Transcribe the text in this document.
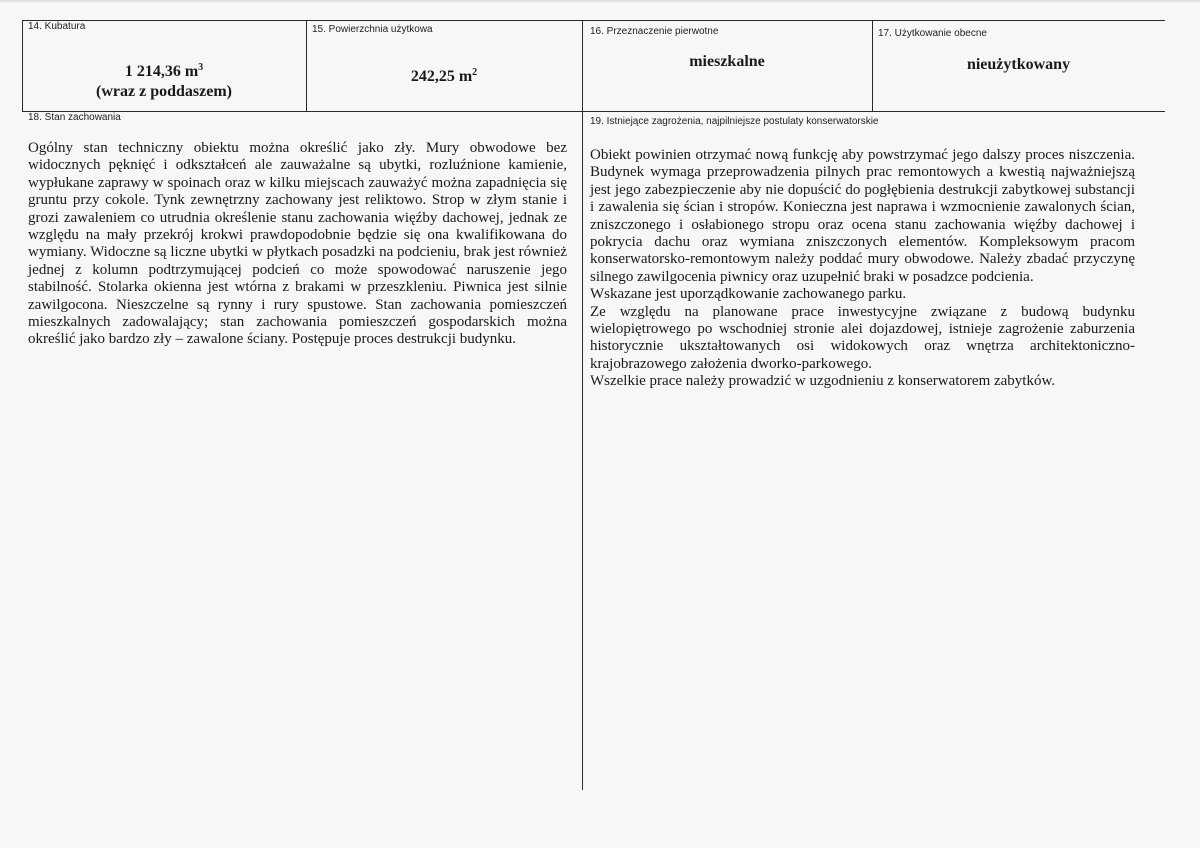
14. Kubatura
1 214,36 $m^3$
(wraz z poddaszem)
15. Powierzchnia użytkowa
242,25 $m^2$
16. Przeznaczenie pierwotne
mieszkalne
17. Użytkowanie obecne
nieużytkowany
18. Stan zachowania
Ogólny stan techniczny obiektu można określić jako zły. Mury obwodowe bez widocznych pęknięć i odkształceń ale zauważalne są ubytki, rozluźnione kamienie, wypłukane zaprawy w spoinach oraz w kilku miejscach zauważyć można zapadnięcia się gruntu przy cokole. Tynk zewnętrzny zachowany jest reliktowo. Strop w złym stanie i grozi zawaleniem co utrudnia określenie stanu zachowania więźby dachowej, jednak ze względu na mały przekrój krokwi prawdopodobnie będzie się ona kwalifikowana do wymiany. Widoczne są liczne ubytki w płytkach posadzki na podcieniu, brak jest również jednej z kolumn podtrzymującej podcień co może spowodować naruszenie jego stabilność. Stolarka okienna jest wtórna z brakami w przeszkleniu. Piwnica jest silnie zawilgocona. Nieszczelne są rynny i rury spustowe. Stan zachowania pomieszczeń mieszkalnych zadowalający; stan zachowania pomieszczeń gospodarskich można określić jako bardzo zły – zawalone ściany. Postępuje proces destrukcji budynku.
19. Istniejące zagrożenia, najpilniejsze postulaty konserwatorskie

Obiekt powinien otrzymać nową funkcję aby powstrzymać jego dalszy proces niszczenia. Budynek wymaga przeprowadzenia pilnych prac remontowych a kwestią najważniejszą jest jego zabezpieczenie aby nie dopuścić do pogłębienia destrukcji zabytkowej substancji i zawalenia się ścian i stropów. Konieczna jest naprawa i wzmocnienie zawalonych ścian, zniszczonego i osłabionego stropu oraz ocena stanu zachowania więźby dachowej i pokrycia dachu oraz wymiana zniszczonych elementów. Kompleksowym pracom konserwatorsko-remontowym należy poddać mury obwodowe. Należy zbadać przyczynę silnego zawilgocenia piwnicy oraz uzupełnić braki w posadzce podcienia.

Wskazane jest uporządkowanie zachowanego parku.

Ze względu na planowane prace inwestycyjne związane z budową budynku wielopiętrowego po wschodniej stronie alei dojazdowej, istnieje zagrożenie zaburzenia historycznie ukształtowanych osi widokowych oraz wnętrza architektoniczno-krajobrazowego założenia dworko-parkowego.

Wszelkie prace należy prowadzić w uzgodnieniu z konserwatorem zabytków.
